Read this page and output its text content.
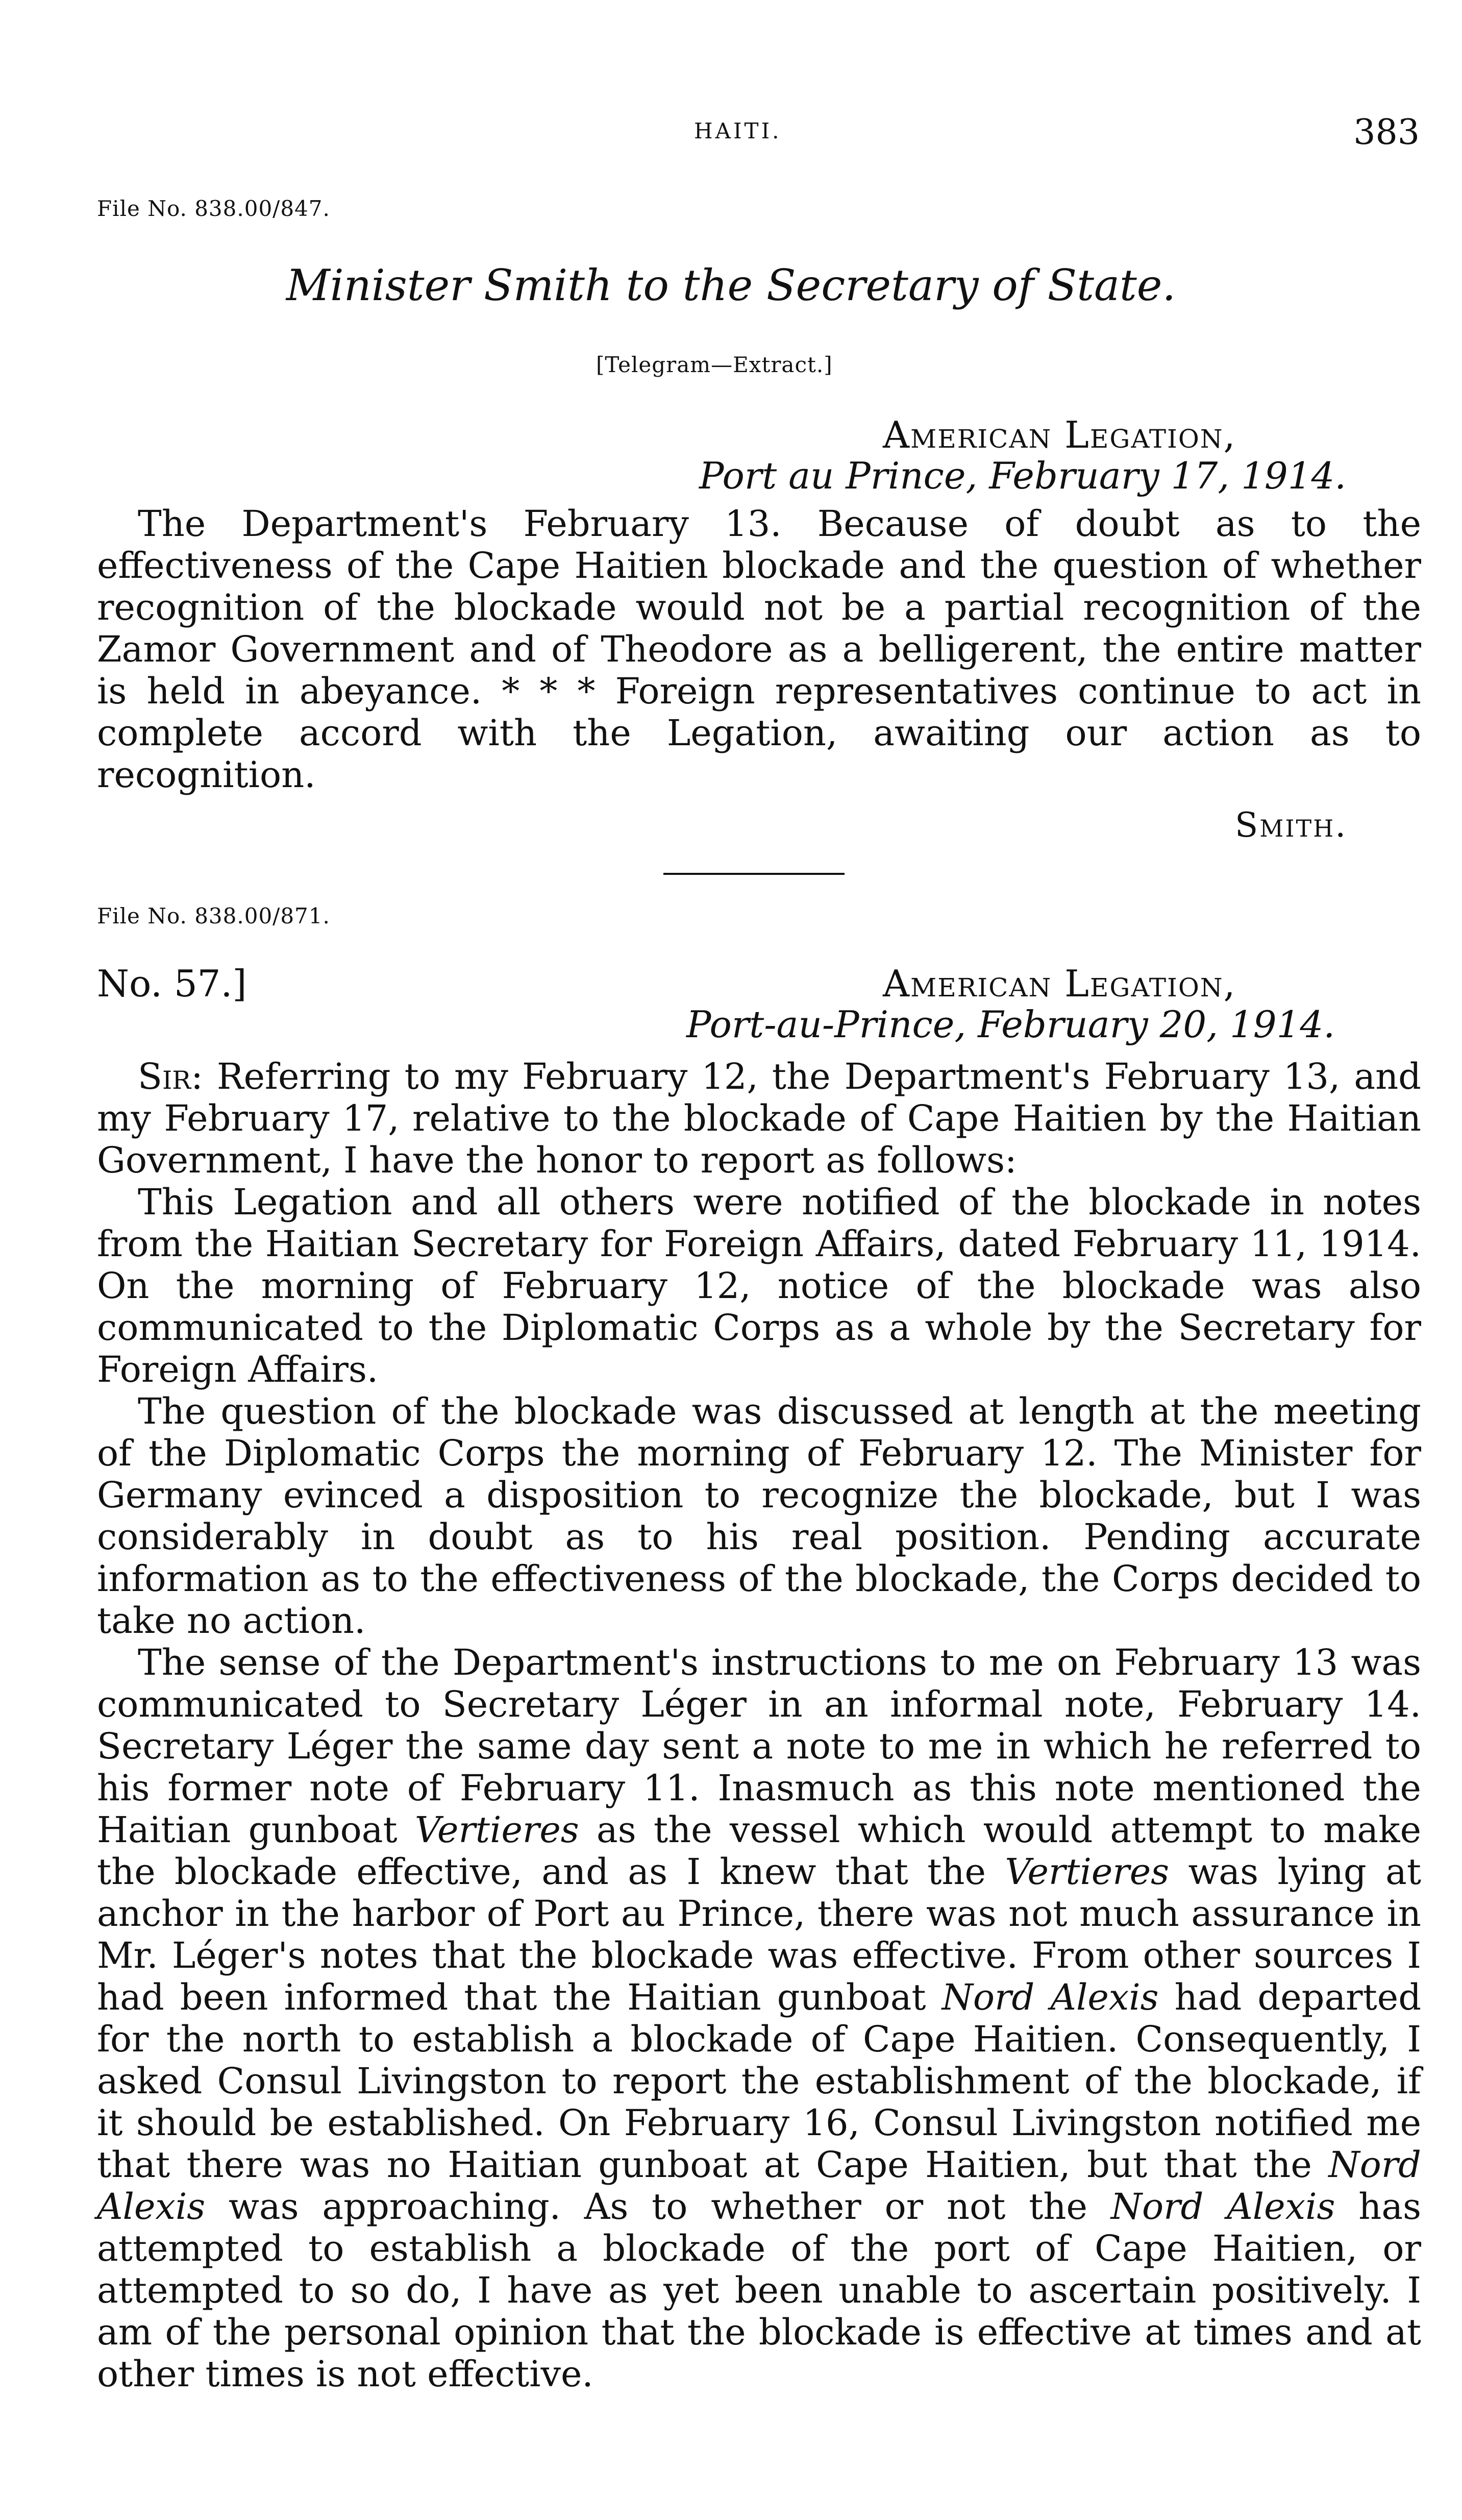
HAITI.	383
File No. 838.00/847.
Minister Smith to the Secretary of State.
[Telegram—Extract.]
American Legation,
Port au Prince, February 17, 1914.

The Department's February 13. Because of doubt as to the effectiveness of the Cape Haitien blockade and the question of whether recognition of the blockade would not be a partial recognition of the Zamor Government and of Theodore as a belligerent, the entire matter is held in abeyance. * * * Foreign representatives continue to act in complete accord with the Legation, awaiting our action as to recognition.

Smith.
File No. 838.00/871.
No. 57.]	American Legation,
Port-au-Prince, February 20, 1914.

Sir: Referring to my February 12, the Department's February 13, and my February 17, relative to the blockade of Cape Haitien by the Haitian Government, I have the honor to report as follows:

This Legation and all others were notified of the blockade in notes from the Haitian Secretary for Foreign Affairs, dated February 11, 1914. On the morning of February 12, notice of the blockade was also communicated to the Diplomatic Corps as a whole by the Secretary for Foreign Affairs.

The question of the blockade was discussed at length at the meeting of the Diplomatic Corps the morning of February 12. The Minister for Germany evinced a disposition to recognize the blockade, but I was considerably in doubt as to his real position. Pending accurate information as to the effectiveness of the blockade, the Corps decided to take no action.

The sense of the Department's instructions to me on February 13 was communicated to Secretary Léger in an informal note, February 14. Secretary Léger the same day sent a note to me in which he referred to his former note of February 11. Inasmuch as this note mentioned the Haitian gunboat Vertieres as the vessel which would attempt to make the blockade effective, and as I knew that the Vertieres was lying at anchor in the harbor of Port au Prince, there was not much assurance in Mr. Léger's notes that the blockade was effective. From other sources I had been informed that the Haitian gunboat Nord Alexis had departed for the north to establish a blockade of Cape Haitien. Consequently, I asked Consul Livingston to report the establishment of the blockade, if it should be established. On February 16, Consul Livingston notified me that there was no Haitian gunboat at Cape Haitien, but that the Nord Alexis was approaching. As to whether or not the Nord Alexis has attempted to establish a blockade of the port of Cape Haitien, or attempted to so do, I have as yet been unable to ascertain positively. I am of the personal opinion that the blockade is effective at times and at other times is not effective.
